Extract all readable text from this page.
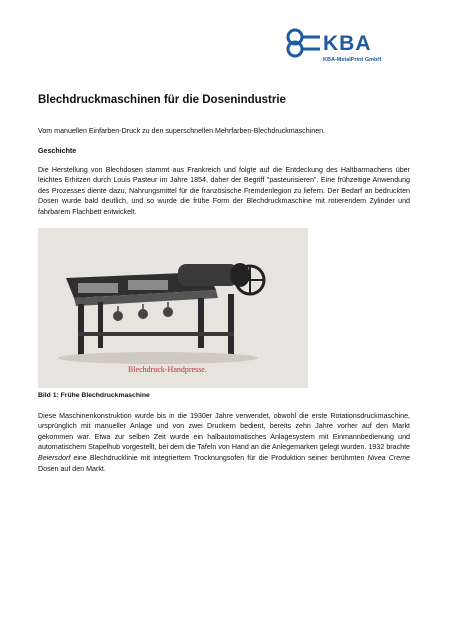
KBA
KBA-MetalPrint GmbH
Blechdruckmaschinen für die Dosenindustrie

Vom manuellen Einfarben-Druck zu den superschnellen Mehrfarben-Blechdruckmaschinen.

Geschichte

Die Herstellung von Blechdosen stammt aus Frankreich und folgte auf die Entdeckung des Haltbarmachens über leichtes Erhitzen durch Louis Pasteur im Jahre 1854, daher der Begriff "pasteurisieren". Eine frühzeitige Anwendung des Prozesses diente dazu, Nahrungsmittel für die französische Fremdenlegion zu liefern. Der Bedarf an bedruckten Dosen wurde bald deutlich, und so wurde die frühe Form der Blechdruckmaschine mit rotierendem Zylinder und fahrbarem Flachbett entwickelt.

Blechdruck-Handpresse.
Bild 1: Frühe Blechdruckmaschine

Diese Maschinenkonstruktion wurde bis in die 1930er Jahre verwendet, obwohl die erste Rotationsdruckmaschine, ursprünglich mit manueller Anlage und von zwei Druckern bedient, bereits zehn Jahre vorher auf den Markt gekommen war. Etwa zur selben Zeit wurde ein halbautomatisches Anlagesystem mit Einmannbedienung und automatischem Stapelhub vorgestellt, bei dem die Tafeln von Hand an die Anlegemarken gelegt wurden. 1932 brachte Beiersdorf eine Blechdrucklinie mit integriertem Trocknungsofen für die Produktion seiner berühmten Nivea Creme Dosen auf den Markt.
